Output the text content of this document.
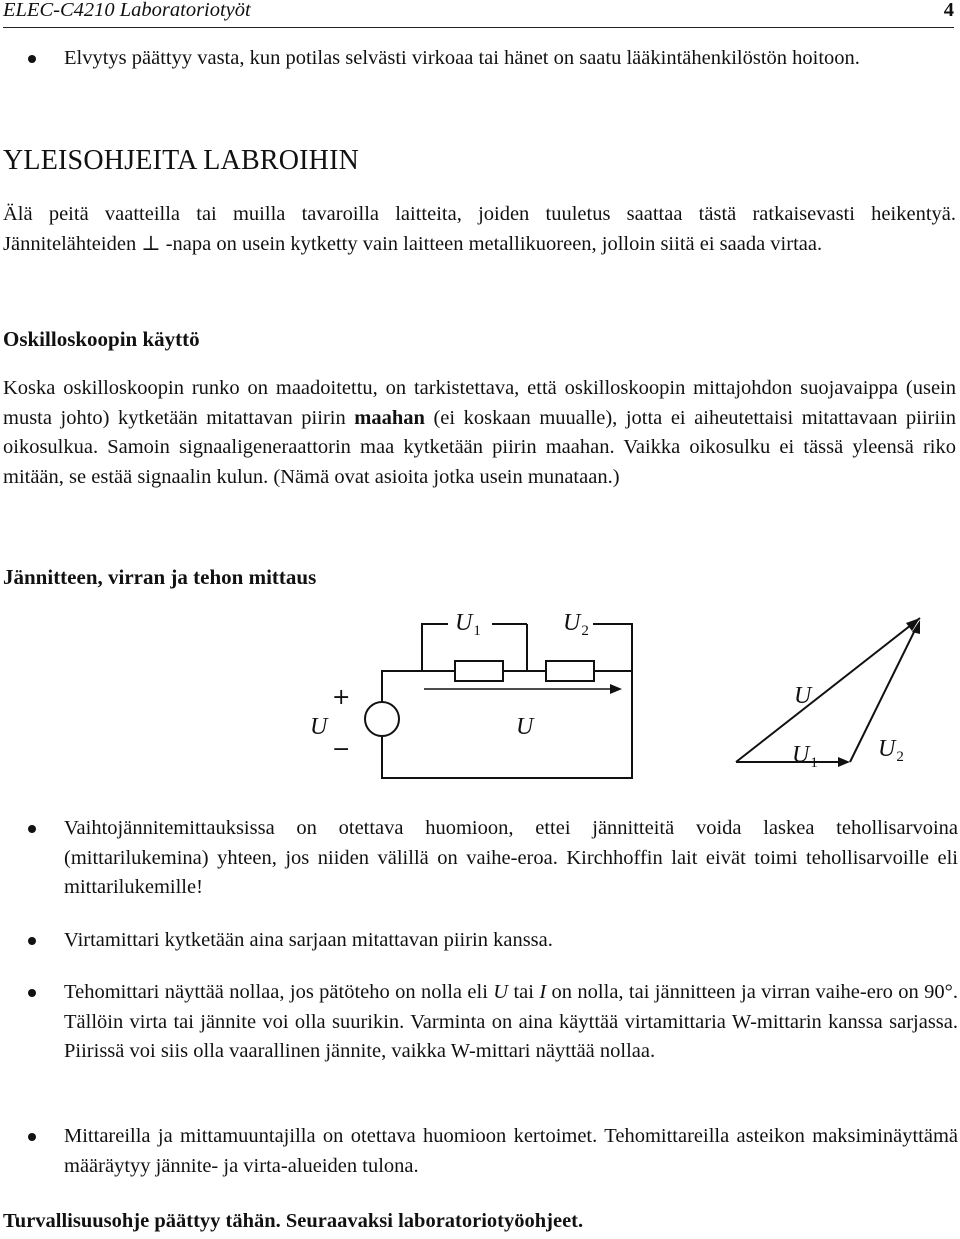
ELEC-C4210 Laboratoriotyöt	4
Elvytys päättyy vasta, kun potilas selvästi virkoaa tai hänet on saatu lääkintähenkilöstön hoitoon.
YLEISOHJEITA LABROIHIN
Älä peitä vaatteilla tai muilla tavaroilla laitteita, joiden tuuletus saattaa tästä ratkaisevasti heikentyä. Jännitelähteiden ⊥ -napa on usein kytketty vain laitteen metallikuoreen, jolloin siitä ei saada virtaa.
Oskilloskoopin käyttö
Koska oskilloskoopin runko on maadoitettu, on tarkistettava, että oskilloskoopin mittajohdon suojavaippa (usein musta johto) kytketään mitattavan piirin maahan (ei koskaan muualle), jotta ei aiheutettaisi mitattavaan piiriin oikosulkua. Samoin signaaligeneraattorin maa kytketään piirin maahan. Vaikka oikosulku ei tässä yleensä riko mitään, se estää signaalin kulun. (Nämä ovat asioita jotka usein munataan.)
Jännitteen, virran ja tehon mittaus
$U_1$	$U_2$
+
−
U	U
U
$U_1$
$U_2$
Vaihtojännitemittauksissa on otettava huomioon, ettei jännitteitä voida laskea tehollisarvoina (mittarilukemina) yhteen, jos niiden välillä on vaihe-eroa. Kirchhoffin lait eivät toimi tehollisarvoille eli mittarilukemille!
Virtamittari kytketään aina sarjaan mitattavan piirin kanssa.
Tehomittari näyttää nollaa, jos pätöteho on nolla eli U tai I on nolla, tai jännitteen ja virran vaihe-ero on 90°. Tällöin virta tai jännite voi olla suurikin. Varminta on aina käyttää virtamittaria W-mittarin kanssa sarjassa. Piirissä voi siis olla vaarallinen jännite, vaikka W-mittari näyttää nollaa.
Mittareilla ja mittamuuntajilla on otettava huomioon kertoimet. Tehomittareilla asteikon maksiminäyttämä määräytyy jännite- ja virta-alueiden tulona.
Turvallisuusohje päättyy tähän. Seuraavaksi laboratoriotyöohjeet.
